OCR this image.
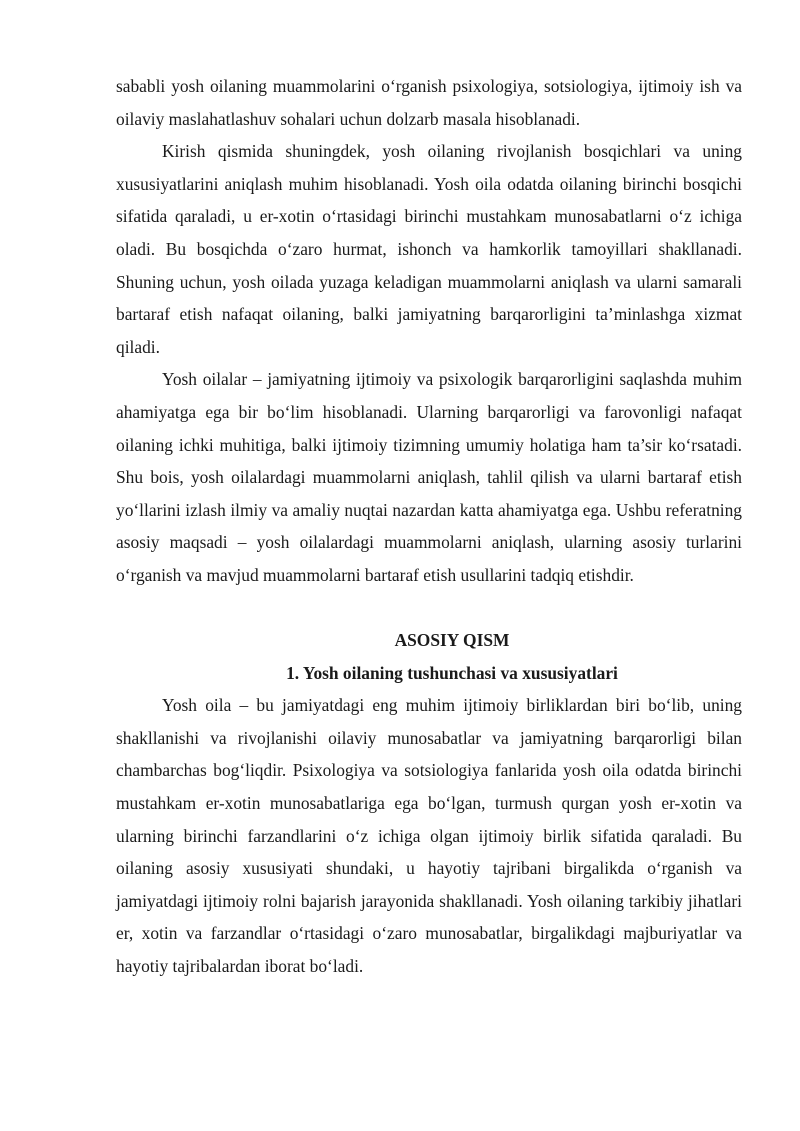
sababli yosh oilaning muammolarini o‘rganish psixologiya, sotsiologiya, ijtimoiy ish va oilaviy maslahatlashuv sohalari uchun dolzarb masala hisoblanadi.

Kirish qismida shuningdek, yosh oilaning rivojlanish bosqichlari va uning xususiyatlarini aniqlash muhim hisoblanadi. Yosh oila odatda oilaning birinchi bosqichi sifatida qaraladi, u er-xotin o‘rtasidagi birinchi mustahkam munosabatlarni o‘z ichiga oladi. Bu bosqichda o‘zaro hurmat, ishonch va hamkorlik tamoyillari shakllanadi. Shuning uchun, yosh oilada yuzaga keladigan muammolarni aniqlash va ularni samarali bartaraf etish nafaqat oilaning, balki jamiyatning barqarorligini ta’minlashga xizmat qiladi.

Yosh oilalar – jamiyatning ijtimoiy va psixologik barqarorligini saqlashda muhim ahamiyatga ega bir bo‘lim hisoblanadi. Ularning barqarorligi va farovonligi nafaqat oilaning ichki muhitiga, balki ijtimoiy tizimning umumiy holatiga ham ta’sir ko‘rsatadi. Shu bois, yosh oilalardagi muammolarni aniqlash, tahlil qilish va ularni bartaraf etish yo‘llarini izlash ilmiy va amaliy nuqtai nazardan katta ahamiyatga ega. Ushbu referatning asosiy maqsadi – yosh oilalardagi muammolarni aniqlash, ularning asosiy turlarini o‘rganish va mavjud muammolarni bartaraf etish usullarini tadqiq etishdir.

ASOSIY QISM

1. Yosh oilaning tushunchasi va xususiyatlari

Yosh oila – bu jamiyatdagi eng muhim ijtimoiy birliklardan biri bo‘lib, uning shakllanishi va rivojlanishi oilaviy munosabatlar va jamiyatning barqarorligi bilan chambarchas bog‘liqdir. Psixologiya va sotsiologiya fanlarida yosh oila odatda birinchi mustahkam er-xotin munosabatlariga ega bo‘lgan, turmush qurgan yosh er-xotin va ularning birinchi farzandlarini o‘z ichiga olgan ijtimoiy birlik sifatida qaraladi. Bu oilaning asosiy xususiyati shundaki, u hayotiy tajribani birgalikda o‘rganish va jamiyatdagi ijtimoiy rolni bajarish jarayonida shakllanadi. Yosh oilaning tarkibiy jihatlari er, xotin va farzandlar o‘rtasidagi o‘zaro munosabatlar, birgalikdagi majburiyatlar va hayotiy tajribalardan iborat bo‘ladi.
